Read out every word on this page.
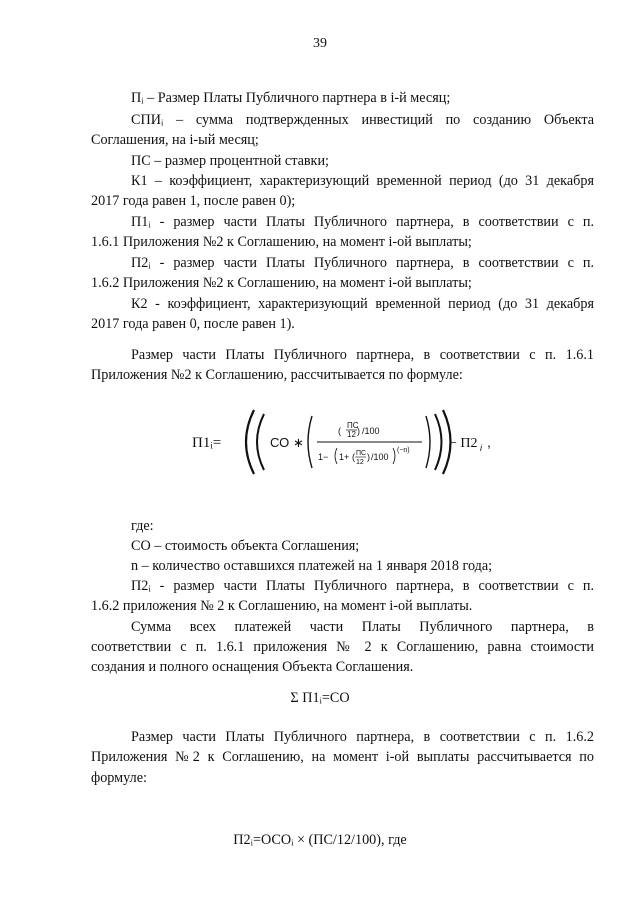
39
Пᵢ – Размер Платы Публичного партнера в i-й месяц;
СПИᵢ – сумма подтвержденных инвестиций по созданию Объекта
Соглашения, на i-ый месяц;
ПС – размер процентной ставки;
К1 – коэффициент, характеризующий временной период (до 31 декабря
2017 года равен 1, после равен 0);
П1ᵢ - размер части Платы Публичного партнера, в соответствии с п.
1.6.1 Приложения №2 к Соглашению, на момент i-ой выплаты;
П2ᵢ - размер части Платы Публичного партнера, в соответствии с п.
1.6.2 Приложения №2 к Соглашению, на момент i-ой выплаты;
К2 - коэффициент, характеризующий временной период (до 31 декабря
2017 года равен 0, после равен 1).
Размер части Платы Публичного партнера, в соответствии с п. 1.6.1
Приложения №2 к Соглашению, рассчитывается по формуле:
П1ᵢ=	СО ∗
ПС
12
( ) /100
1− 1+ ( ПС
12
) /100
(−n)	− П2 i ,
где:
СО – стоимость объекта Соглашения;
n – количество оставшихся платежей на 1 января 2018 года;
П2ᵢ - размер части Платы Публичного партнера, в соответствии с п.
1.6.2 приложения № 2 к Соглашению, на момент i-ой выплаты.
Сумма всех платежей части Платы Публичного партнера, в
соответствии с п. 1.6.1 приложения № 2 к Соглашению, равна стоимости
создания и полного оснащения Объекта Соглашения.
Σ П1ᵢ=СО
Размер части Платы Публичного партнера, в соответствии с п. 1.6.2
Приложения №2 к Соглашению, на момент i-ой выплаты рассчитывается по
формуле:
П2ᵢ=ОСОᵢ × (ПС/12/100), где
